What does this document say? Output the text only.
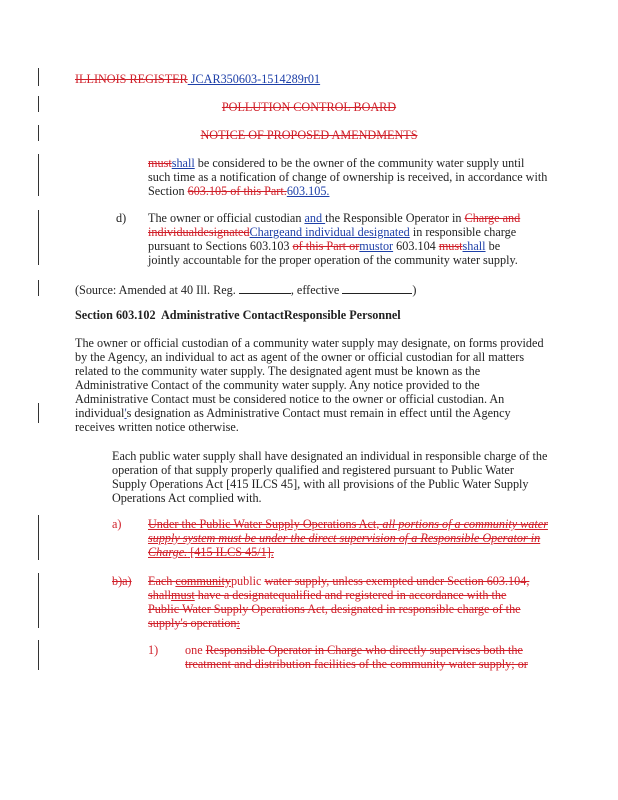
ILLINOIS REGISTER JCAR350603-1514289r01
POLLUTION CONTROL BOARD
NOTICE OF PROPOSED AMENDMENTS
mustshall be considered to be the owner of the community water supply until such time as a notification of change of ownership is received, in accordance with Section 603.105 of this Part.603.105.
d) The owner or official custodian and the Responsible Operator in Charge and individualdesignatedChargeand individual designated in responsible charge pursuant to Sections 603.103 of this Part ormustor 603.104 mustshall be jointly accountable for the proper operation of the community water supply.
(Source: Amended at 40 Ill. Reg.	, effective	)
Section 603.102 Administrative ContactResponsible Personnel
The owner or official custodian of a community water supply may designate, on forms provided by the Agency, an individual to act as agent of the owner or official custodian for all matters related to the community water supply. The designated agent must be known as the Administrative Contact of the community water supply. Any notice provided to the Administrative Contact must be considered notice to the owner or official custodian. An individual's designation as Administrative Contact must remain in effect until the Agency receives written notice otherwise.
Each public water supply shall have designated an individual in responsible charge of the operation of that supply properly qualified and registered pursuant to Public Water Supply Operations Act [415 ILCS 45], with all provisions of the Public Water Supply Operations Act complied with.
a) Under the Public Water Supply Operations Act, all portions of a community water supply system must be under the direct supervision of a Responsible Operator in Charge. [415 ILCS 45/1].
b)a) Each communitypublic water supply, unless exempted under Section 603.104, shallmust have a designatequalified and registered in accordance with the Public Water Supply Operations Act, designated in responsible charge of the supply's operation:
1) one Responsible Operator in Charge who directly supervises both the treatment and distribution facilities of the community water supply; or
